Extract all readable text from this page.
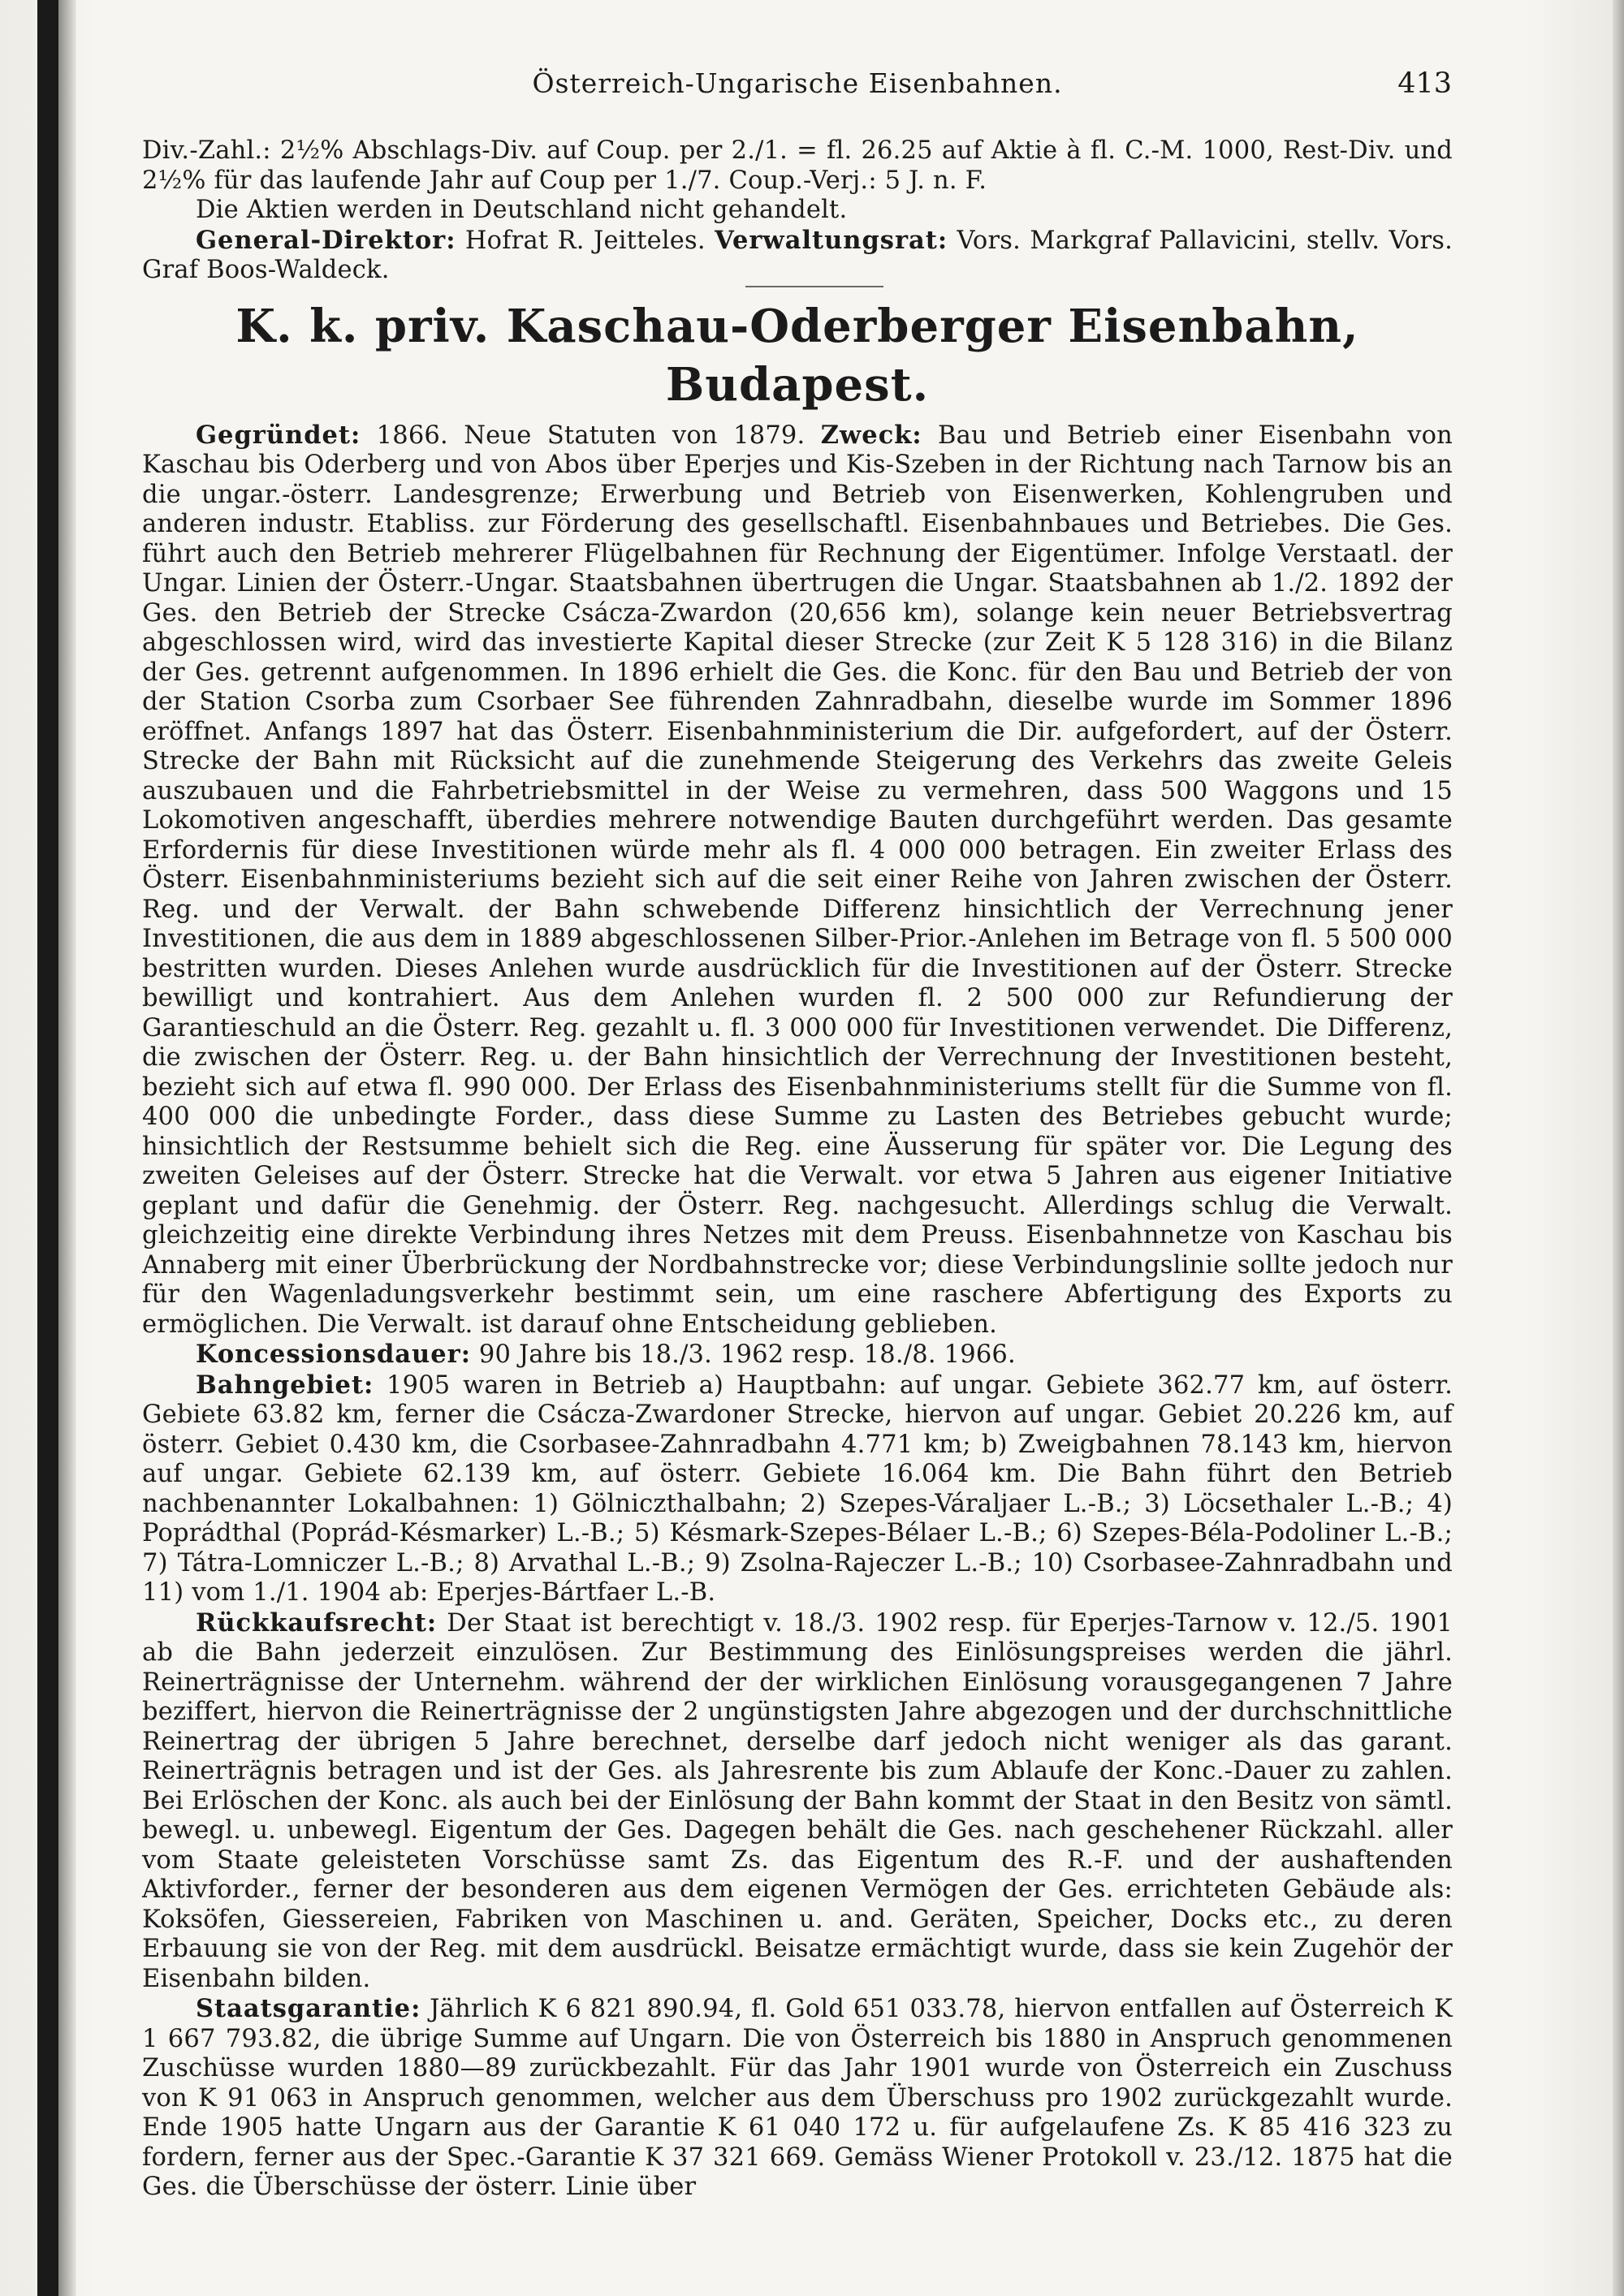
Österreich-Ungarische Eisenbahnen.	413

Div.-Zahl.: 2½% Abschlags-Div. auf Coup. per 2./1. = fl. 26.25 auf Aktie à fl. C.-M. 1000, Rest-Div. und 2½% für das laufende Jahr auf Coup per 1./7. Coup.-Verj.: 5 J. n. F.

Die Aktien werden in Deutschland nicht gehandelt.

General-Direktor: Hofrat R. Jeitteles. Verwaltungsrat: Vors. Markgraf Pallavicini, stellv. Vors. Graf Boos-Waldeck.

K. k. priv. Kaschau-Oderberger Eisenbahn, Budapest.

Gegründet: 1866. Neue Statuten von 1879. Zweck: Bau und Betrieb einer Eisenbahn von Kaschau bis Oderberg und von Abos über Eperjes und Kis-Szeben in der Richtung nach Tarnow bis an die ungar.-österr. Landesgrenze; Erwerbung und Betrieb von Eisenwerken, Kohlengruben und anderen industr. Etabliss. zur Förderung des gesellschaftl. Eisenbahnbaues und Betriebes. Die Ges. führt auch den Betrieb mehrerer Flügelbahnen für Rechnung der Eigentümer. Infolge Verstaatl. der Ungar. Linien der Österr.-Ungar. Staatsbahnen übertrugen die Ungar. Staatsbahnen ab 1./2. 1892 der Ges. den Betrieb der Strecke Csácza-Zwardon (20,656 km), solange kein neuer Betriebsvertrag abgeschlossen wird, wird das investierte Kapital dieser Strecke (zur Zeit K 5 128 316) in die Bilanz der Ges. getrennt aufgenommen. In 1896 erhielt die Ges. die Konc. für den Bau und Betrieb der von der Station Csorba zum Csorbaer See führenden Zahnradbahn, dieselbe wurde im Sommer 1896 eröffnet. Anfangs 1897 hat das Österr. Eisenbahnministerium die Dir. aufgefordert, auf der Österr. Strecke der Bahn mit Rücksicht auf die zunehmende Steigerung des Verkehrs das zweite Geleis auszubauen und die Fahrbetriebsmittel in der Weise zu vermehren, dass 500 Waggons und 15 Lokomotiven angeschafft, überdies mehrere notwendige Bauten durchgeführt werden. Das gesamte Erfordernis für diese Investitionen würde mehr als fl. 4 000 000 betragen. Ein zweiter Erlass des Österr. Eisenbahnministeriums bezieht sich auf die seit einer Reihe von Jahren zwischen der Österr. Reg. und der Verwalt. der Bahn schwebende Differenz hinsichtlich der Verrechnung jener Investitionen, die aus dem in 1889 abgeschlossenen Silber-Prior.-Anlehen im Betrage von fl. 5 500 000 bestritten wurden. Dieses Anlehen wurde ausdrücklich für die Investitionen auf der Österr. Strecke bewilligt und kontrahiert. Aus dem Anlehen wurden fl. 2 500 000 zur Refundierung der Garantieschuld an die Österr. Reg. gezahlt u. fl. 3 000 000 für Investitionen verwendet. Die Differenz, die zwischen der Österr. Reg. u. der Bahn hinsichtlich der Verrechnung der Investitionen besteht, bezieht sich auf etwa fl. 990 000. Der Erlass des Eisenbahnministeriums stellt für die Summe von fl. 400 000 die unbedingte Forder., dass diese Summe zu Lasten des Betriebes gebucht wurde; hinsichtlich der Restsumme behielt sich die Reg. eine Äusserung für später vor. Die Legung des zweiten Geleises auf der Österr. Strecke hat die Verwalt. vor etwa 5 Jahren aus eigener Initiative geplant und dafür die Genehmig. der Österr. Reg. nachgesucht. Allerdings schlug die Verwalt. gleichzeitig eine direkte Verbindung ihres Netzes mit dem Preuss. Eisenbahnnetze von Kaschau bis Annaberg mit einer Überbrückung der Nordbahnstrecke vor; diese Verbindungslinie sollte jedoch nur für den Wagenladungsverkehr bestimmt sein, um eine raschere Abfertigung des Exports zu ermöglichen. Die Verwalt. ist darauf ohne Entscheidung geblieben.

Koncessionsdauer: 90 Jahre bis 18./3. 1962 resp. 18./8. 1966.

Bahngebiet: 1905 waren in Betrieb a) Hauptbahn: auf ungar. Gebiete 362.77 km, auf österr. Gebiete 63.82 km, ferner die Csácza-Zwardoner Strecke, hiervon auf ungar. Gebiet 20.226 km, auf österr. Gebiet 0.430 km, die Csorbasee-Zahnradbahn 4.771 km; b) Zweigbahnen 78.143 km, hiervon auf ungar. Gebiete 62.139 km, auf österr. Gebiete 16.064 km. Die Bahn führt den Betrieb nachbenannter Lokalbahnen: 1) Gölniczthalbahn; 2) Szepes-Váraljaer L.-B.; 3) Löcsethaler L.-B.; 4) Poprádthal (Poprád-Késmarker) L.-B.; 5) Késmark-Szepes-Bélaer L.-B.; 6) Szepes-Béla-Podoliner L.-B.; 7) Tátra-Lomniczer L.-B.; 8) Arvathal L.-B.; 9) Zsolna-Rajeczer L.-B.; 10) Csorbasee-Zahnradbahn und 11) vom 1./1. 1904 ab: Eperjes-Bártfaer L.-B.

Rückkaufsrecht: Der Staat ist berechtigt v. 18./3. 1902 resp. für Eperjes-Tarnow v. 12./5. 1901 ab die Bahn jederzeit einzulösen. Zur Bestimmung des Einlösungspreises werden die jährl. Reinerträgnisse der Unternehm. während der der wirklichen Einlösung vorausgegangenen 7 Jahre beziffert, hiervon die Reinerträgnisse der 2 ungünstigsten Jahre abgezogen und der durchschnittliche Reinertrag der übrigen 5 Jahre berechnet, derselbe darf jedoch nicht weniger als das garant. Reinerträgnis betragen und ist der Ges. als Jahresrente bis zum Ablaufe der Konc.-Dauer zu zahlen. Bei Erlöschen der Konc. als auch bei der Einlösung der Bahn kommt der Staat in den Besitz von sämtl. bewegl. u. unbewegl. Eigentum der Ges. Dagegen behält die Ges. nach geschehener Rückzahl. aller vom Staate geleisteten Vorschüsse samt Zs. das Eigentum des R.-F. und der aushaftenden Aktivforder., ferner der besonderen aus dem eigenen Vermögen der Ges. errichteten Gebäude als: Koksöfen, Giessereien, Fabriken von Maschinen u. and. Geräten, Speicher, Docks etc., zu deren Erbauung sie von der Reg. mit dem ausdrückl. Beisatze ermächtigt wurde, dass sie kein Zugehör der Eisenbahn bilden.

Staatsgarantie: Jährlich K 6 821 890.94, fl. Gold 651 033.78, hiervon entfallen auf Österreich K 1 667 793.82, die übrige Summe auf Ungarn. Die von Österreich bis 1880 in Anspruch genommenen Zuschüsse wurden 1880—89 zurückbezahlt. Für das Jahr 1901 wurde von Österreich ein Zuschuss von K 91 063 in Anspruch genommen, welcher aus dem Überschuss pro 1902 zurückgezahlt wurde. Ende 1905 hatte Ungarn aus der Garantie K 61 040 172 u. für aufgelaufene Zs. K 85 416 323 zu fordern, ferner aus der Spec.-Garantie K 37 321 669. Gemäss Wiener Protokoll v. 23./12. 1875 hat die Ges. die Überschüsse der österr. Linie über
